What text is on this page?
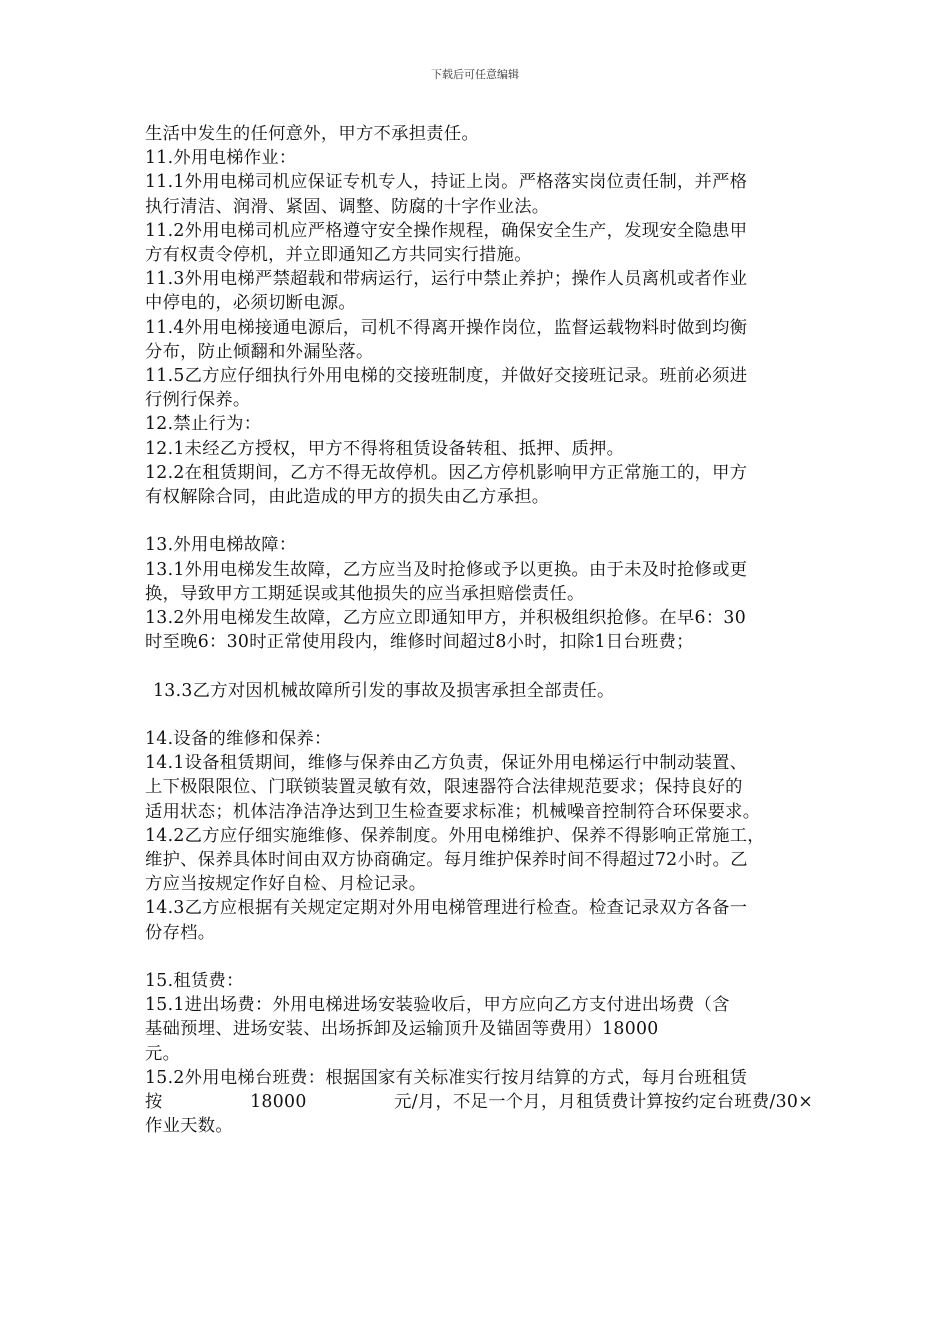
下载后可任意编辑

生活中发生的任何意外，甲方不承担责任。

11.外用电梯作业：

11.1外用电梯司机应保证专机专人，持证上岗。严格落实岗位责任制，并严格

执行清洁、润滑、紧固、调整、防腐的十字作业法。

11.2外用电梯司机应严格遵守安全操作规程，确保安全生产，发现安全隐患甲

方有权责令停机，并立即通知乙方共同实行措施。

11.3外用电梯严禁超载和带病运行，运行中禁止养护；操作人员离机或者作业

中停电的，必须切断电源。

11.4外用电梯接通电源后，司机不得离开操作岗位，监督运载物料时做到均衡

分布，防止倾翻和外漏坠落。

11.5乙方应仔细执行外用电梯的交接班制度，并做好交接班记录。班前必须进

行例行保养。

12.禁止行为：

12.1未经乙方授权，甲方不得将租赁设备转租、抵押、质押。

12.2在租赁期间，乙方不得无故停机。因乙方停机影响甲方正常施工的，甲方

有权解除合同，由此造成的甲方的损失由乙方承担。

13.外用电梯故障：

13.1外用电梯发生故障，乙方应当及时抢修或予以更换。由于未及时抢修或更

换，导致甲方工期延误或其他损失的应当承担赔偿责任。

13.2外用电梯发生故障，乙方应立即通知甲方，并积极组织抢修。在早6：30

时至晚6：30时正常使用段内，维修时间超过8小时，扣除1日台班费；

13.3乙方对因机械故障所引发的事故及损害承担全部责任。

14.设备的维修和保养：

14.1设备租赁期间，维修与保养由乙方负责，保证外用电梯运行中制动装置、

上下极限限位、门联锁装置灵敏有效，限速器符合法律规范要求；保持良好的

适用状态；机体洁净洁净达到卫生检查要求标准；机械噪音控制符合环保要求。

14.2乙方应仔细实施维修、保养制度。外用电梯维护、保养不得影响正常施工，

维护、保养具体时间由双方协商确定。每月维护保养时间不得超过72小时。乙

方应当按规定作好自检、月检记录。

14.3乙方应根据有关规定定期对外用电梯管理进行检查。检查记录双方各备一

份存档。

15.租赁费：

15.1进出场费：外用电梯进场安装验收后，甲方应向乙方支付进出场费（含

基础预埋、进场安装、出场拆卸及运输顶升及锚固等费用）18000

元。

15.2外用电梯台班费：根据国家有关标准实行按月结算的方式，每月台班租赁

按	18000	元/月，不足一个月，月租赁费计算按约定台班费/30×

作业天数。
